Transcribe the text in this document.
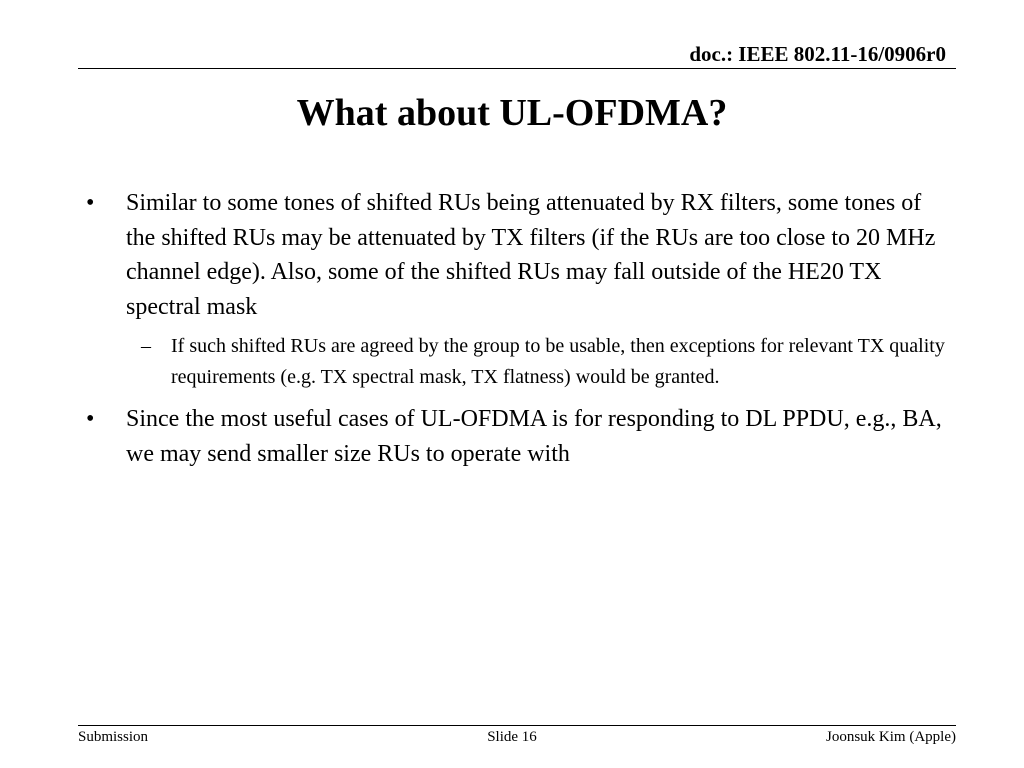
doc.: IEEE 802.11-16/0906r0
What about UL-OFDMA?
• Similar to some tones of shifted RUs being attenuated by RX filters, some tones of the shifted RUs may be attenuated by TX filters (if the RUs are too close to 20 MHz channel edge). Also, some of the shifted RUs may fall outside of the HE20 TX spectral mask
– If such shifted RUs are agreed by the group to be usable, then exceptions for relevant TX quality requirements (e.g. TX spectral mask, TX flatness) would be granted.
• Since the most useful cases of UL-OFDMA is for responding to DL PPDU, e.g., BA, we may send smaller size RUs to operate with
Submission	Slide 16	Joonsuk Kim (Apple)
